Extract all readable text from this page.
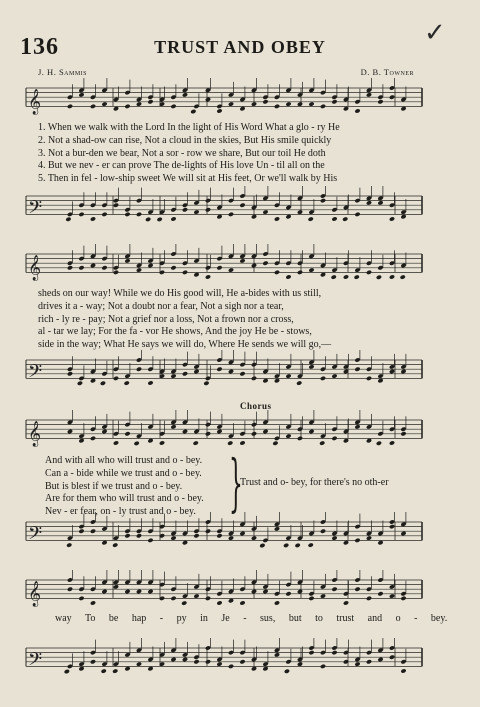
136	TRUST AND OBEY	✓
J. H. Sammis	D. B. Towner
𝄞
1. When we walk with the Lord In the light of His Word What a glo - ry He
2. Not a shad-ow can rise, Not a cloud in the skies, But His smile quickly
3. Not a bur-den we bear, Not a sor - row we share, But our toil He doth
4. But we nev - er can prove The de-lights of His love Un - til all on the
5. Then in fel - low-ship sweet We will sit at His feet, Or we'll walk by His
𝄢
𝄞
sheds on our way! While we do His good will, He a-bides with us still,
drives it a - way; Not a doubt nor a fear, Not a sigh nor a tear,
rich - ly re - pay; Not a grief nor a loss, Not a frown nor a cross,
al - tar we lay; For the fa - vor He shows, And the joy He be - stows,
side in the way; What He says we will do, Where He sends we will go,—
𝄢
Chorus
𝄞
And with all who will trust and o - bey.
Can a - bide while we trust and o - bey.
But is blest if we trust and o - bey.
Are for them who will trust and o - bey.
Nev - er fear, on - ly trust and o - bey. }
Trust and o- bey, for there's no oth-er
𝄢
𝄞
way To be hap - py in Je - sus, but to trust and o - bey.
𝄢
